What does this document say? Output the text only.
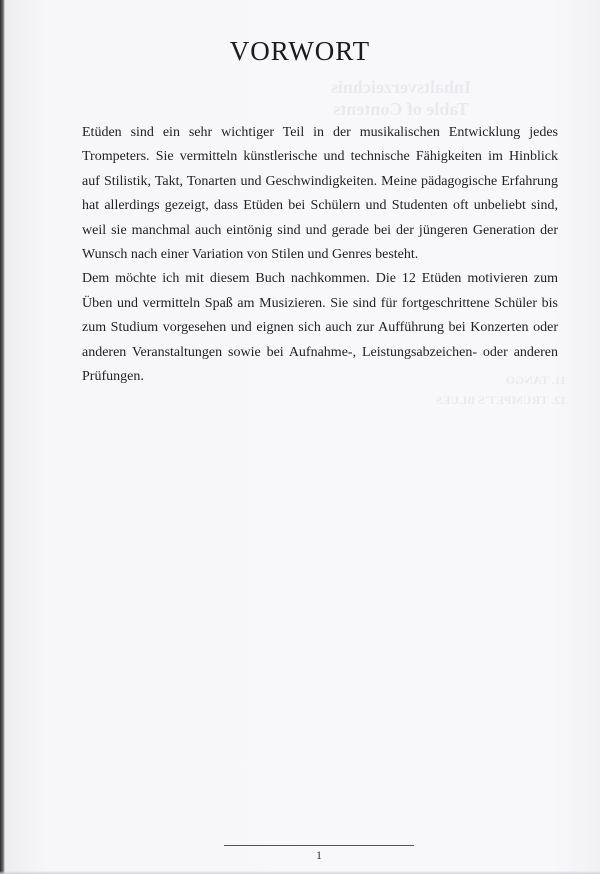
Inhaltsverzeichnis
Table of Contents
11. TANGO
12. TRUMPET'S BLUES
VORWORT

Etüden sind ein sehr wichtiger Teil in der musikalischen Entwicklung jedes Trompeters. Sie vermitteln künstlerische und technische Fähigkeiten im Hinblick auf Stilistik, Takt, Tonarten und Geschwindigkeiten. Meine pädagogische Erfahrung hat allerdings gezeigt, dass Etüden bei Schülern und Studenten oft unbeliebt sind, weil sie manchmal auch eintönig sind und gerade bei der jüngeren Generation der Wunsch nach einer Variation von Stilen und Genres besteht.

Dem möchte ich mit diesem Buch nachkommen. Die 12 Etüden motivieren zum Üben und vermitteln Spaß am Musizieren. Sie sind für fortgeschrittene Schüler bis zum Studium vorgesehen und eignen sich auch zur Aufführung bei Konzerten oder anderen Veranstaltungen sowie bei Aufnahme-, Leistungsabzeichen- oder anderen Prüfungen.

1
